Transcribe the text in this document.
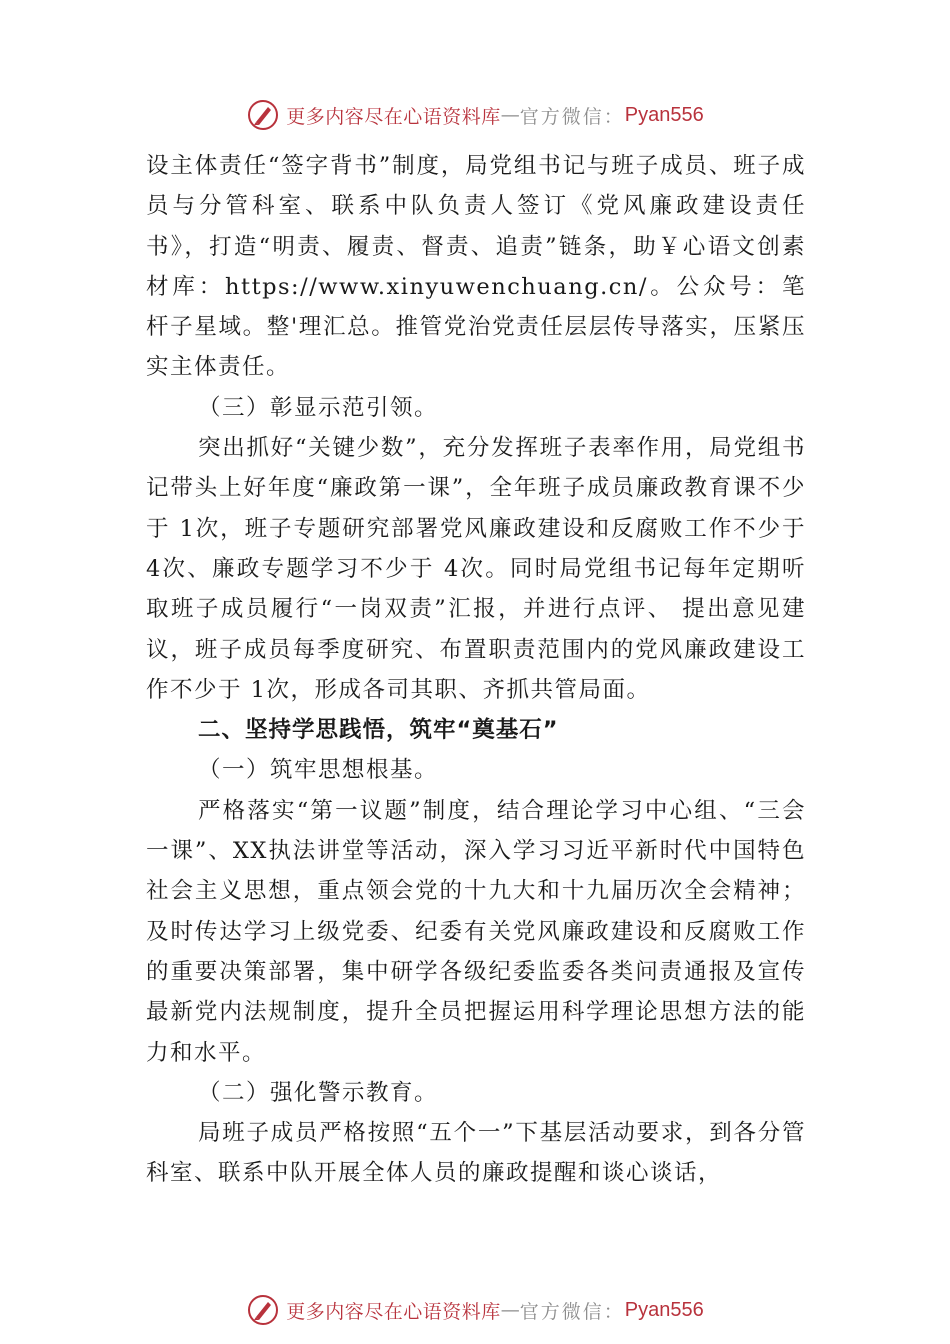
更多内容尽在心语资料库 — 官方微信： Pyan556

设主体责任“签字背书”制度，局党组书记与班子成员、班子成员与分管科室、联系中队负责人签订《党风廉政建设责任书》，打造“明责、履责、督责、追责”链条，助￥心语文创素材库：https://www.xinyuwenchuang.cn/。公众号：笔杆子星域。整'理汇总。推管党治党责任层层传导落实，压紧压实主体责任。

（三）彰显示范引领。

突出抓好“关键少数”，充分发挥班子表率作用，局党组书记带头上好年度“廉政第一课”，全年班子成员廉政教育课不少于 1次，班子专题研究部署党风廉政建设和反腐败工作不少于 4次、廉政专题学习不少于 4次。同时局党组书记每年定期听取班子成员履行“一岗双责”汇报，并进行点评、 提出意见建议，班子成员每季度研究、布置职责范围内的党风廉政建设工作不少于 1次，形成各司其职、齐抓共管局面。

二、坚持学思践悟，筑牢“奠基石”

（一）筑牢思想根基。

严格落实“第一议题”制度，结合理论学习中心组、“三会一课”、XX执法讲堂等活动，深入学习习近平新时代中国特色社会主义思想，重点领会党的十九大和十九届历次全会精神；及时传达学习上级党委、纪委有关党风廉政建设和反腐败工作的重要决策部署，集中研学各级纪委监委各类问责通报及宣传最新党内法规制度，提升全员把握运用科学理论思想方法的能力和水平。

（二）强化警示教育。

局班子成员严格按照“五个一”下基层活动要求，到各分管科室、联系中队开展全体人员的廉政提醒和谈心谈话，

更多内容尽在心语资料库 — 官方微信： Pyan556
